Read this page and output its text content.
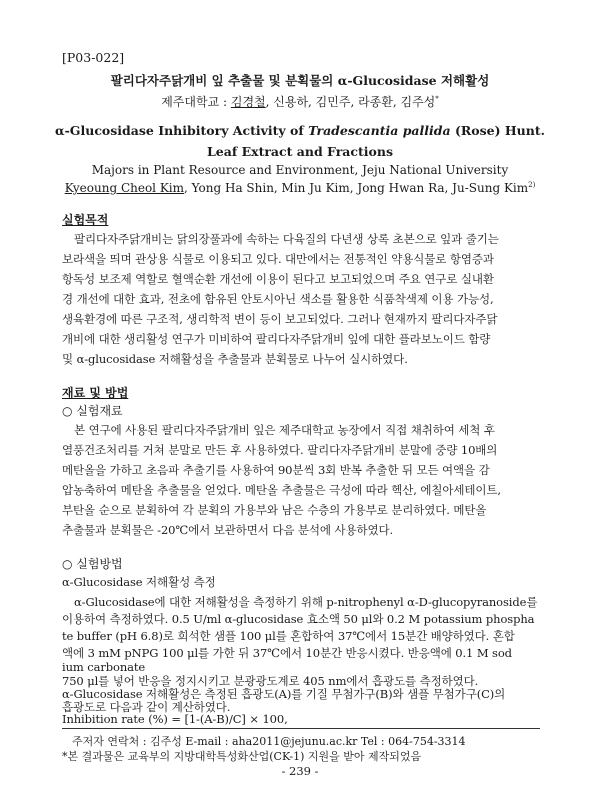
[P03-022]
팔리다자주닭개비 잎 추출물 및 분획물의 α-Glucosidase 저해활성
제주대학교 : 김경철, 신용하, 김민주, 라종환, 김주성*
α-Glucosidase Inhibitory Activity of Tradescantia pallida (Rose) Hunt.
Leaf Extract and Fractions
Majors in Plant Resource and Environment, Jeju National University
Kyeoung Cheol Kim, Yong Ha Shin, Min Ju Kim, Jong Hwan Ra, Ju-Sung Kim$^{2)}$
실험목적
팔리다자주닭개비는 닭의장풀과에 속하는 다육질의 다년생 상록 초본으로 잎과 줄기는
보라색을 띄며 관상용 식물로 이용되고 있다. 대만에서는 전통적인 약용식물로 항염증과
항독성 보조제 역할로 혈액순환 개선에 이용이 된다고 보고되었으며 주요 연구로 실내환
경 개선에 대한 효과, 전초에 함유된 안토시아닌 색소를 활용한 식품착색제 이용 가능성,
생육환경에 따른 구조적, 생리학적 변이 등이 보고되었다. 그러나 현재까지 팔리다자주닭
개비에 대한 생리활성 연구가 미비하여 팔리다자주닭개비 잎에 대한 플라보노이드 함량
및 α-glucosidase 저해활성을 추출물과 분획물로 나누어 실시하였다.
재료 및 방법
○ 실험재료
본 연구에 사용된 팔리다자주닭개비 잎은 제주대학교 농장에서 직접 채취하여 세척 후
열풍건조처리를 거쳐 분말로 만든 후 사용하였다. 팔리다자주닭개비 분말에 중량 10배의
메탄올을 가하고 초음파 추출기를 사용하여 90분씩 3회 반복 추출한 뒤 모든 여액을 감
압농축하여 메탄올 추출물을 얻었다. 메탄올 추출물은 극성에 따라 헥산, 에칠아세테이트,
부탄올 순으로 분획하여 각 분획의 가용부와 남은 수층의 가용부로 분리하였다. 메탄올
추출물과 분획물은 -20℃에서 보관하면서 다음 분석에 사용하였다.
○ 실험방법
α-Glucosidase 저해활성 측정
α-Glucosidase에 대한 저해활성을 측정하기 위해 p-nitrophenyl α-D-glucopyranoside를
이용하여 측정하였다. 0.5 U/ml α-glucosidase 효소액 50 μl와 0.2 M potassium phospha
te buffer (pH 6.8)로 희석한 샘플 100 μl를 혼합하여 37℃에서 15분간 배양하였다. 혼합
액에 3 mM pNPG 100 μl를 가한 뒤 37℃에서 10분간 반응시켰다. 반응액에 0.1 M sod
ium carbonate
주저자 연락처 : 김주성 E-mail : aha2011@jejunu.ac.kr Tel : 064-754-3314
*본 결과물은 교육부의 지방대학특성화산업(CK-1) 지원을 받아 제작되었음
- 239 -
750 μl를 넣어 반응을 정지시키고 분광광도계로 405 nm에서 흡광도를 측정하였다.
α-Glucosidase 저해활성은 측정된 흡광도(A)를 기질 무첨가구(B)와 샘플 무첨가구(C)의
흡광도로 다음과 같이 계산하였다.
Inhibition rate (%) = [1-(A-B)/C] × 100,
